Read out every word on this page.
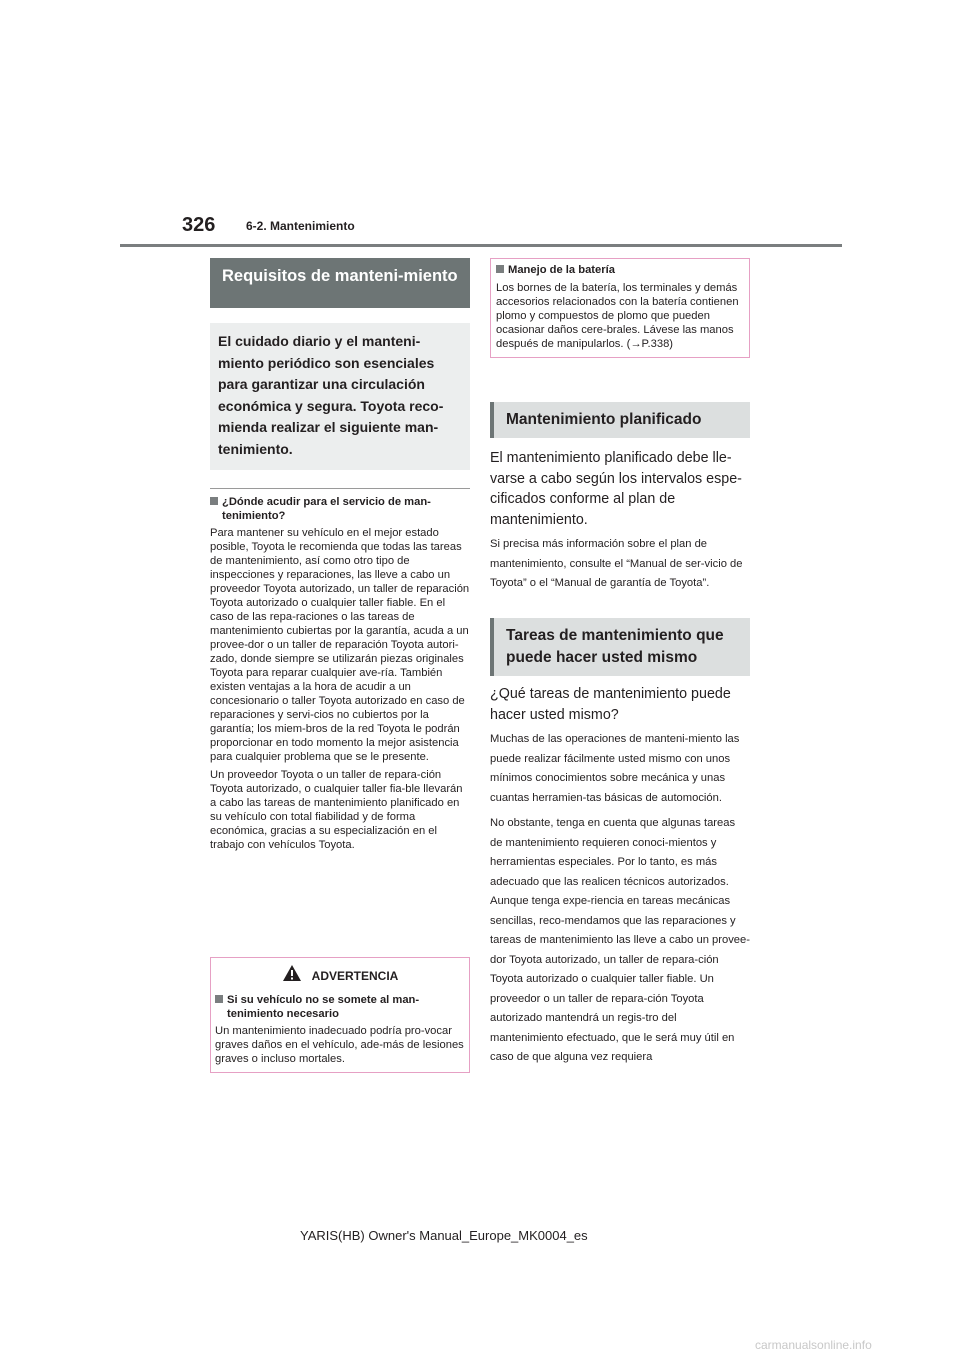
326	6-2. Mantenimiento
Requisitos de manteni-miento
El cuidado diario y el manteni-miento periódico son esenciales para garantizar una circulación económica y segura. Toyota reco-mienda realizar el siguiente man-tenimiento.

¿Dónde acudir para el servicio de man-tenimiento?

Para mantener su vehículo en el mejor estado posible, Toyota le recomienda que todas las tareas de mantenimiento, así como otro tipo de inspecciones y reparaciones, las lleve a cabo un proveedor Toyota autorizado, un taller de reparación Toyota autorizado o cualquier taller fiable. En el caso de las repa-raciones o las tareas de mantenimiento cubiertas por la garantía, acuda a un provee-dor o un taller de reparación Toyota autori-zado, donde siempre se utilizarán piezas originales Toyota para reparar cualquier ave-ría. También existen ventajas a la hora de acudir a un concesionario o taller Toyota autorizado en caso de reparaciones y servi-cios no cubiertos por la garantía; los miem-bros de la red Toyota le podrán proporcionar en todo momento la mejor asistencia para cualquier problema que se le presente.

Un proveedor Toyota o un taller de repara-ción Toyota autorizado, o cualquier taller fia-ble llevarán a cabo las tareas de mantenimiento planificado en su vehículo con total fiabilidad y de forma económica, gracias a su especialización en el trabajo con vehículos Toyota.

ADVERTENCIA

Si su vehículo no se somete al man-tenimiento necesario

Un mantenimiento inadecuado podría pro-vocar graves daños en el vehículo, ade-más de lesiones graves o incluso mortales.

Manejo de la batería

Los bornes de la batería, los terminales y demás accesorios relacionados con la batería contienen plomo y compuestos de plomo que pueden ocasionar daños cere-brales. Lávese las manos después de manipularlos. (→P.338)

Mantenimiento planificado

El mantenimiento planificado debe lle-varse a cabo según los intervalos espe-cificados conforme al plan de mantenimiento.

Si precisa más información sobre el plan de mantenimiento, consulte el “Manual de ser-vicio de Toyota” o el “Manual de garantía de Toyota”.

Tareas de mantenimiento que puede hacer usted mismo

¿Qué tareas de mantenimiento puede hacer usted mismo?

Muchas de las operaciones de manteni-miento las puede realizar fácilmente usted mismo con unos mínimos conocimientos sobre mecánica y unas cuantas herramien-tas básicas de automoción.

No obstante, tenga en cuenta que algunas tareas de mantenimiento requieren conoci-mientos y herramientas especiales. Por lo tanto, es más adecuado que las realicen técnicos autorizados. Aunque tenga expe-riencia en tareas mecánicas sencillas, reco-mendamos que las reparaciones y tareas de mantenimiento las lleve a cabo un provee-dor Toyota autorizado, un taller de repara-ción Toyota autorizado o cualquier taller fiable. Un proveedor o un taller de repara-ción Toyota autorizado mantendrá un regis-tro del mantenimiento efectuado, que le será muy útil en caso de que alguna vez requiera

YARIS(HB) Owner's Manual_Europe_MK0004_es
carmanualsonline.info
